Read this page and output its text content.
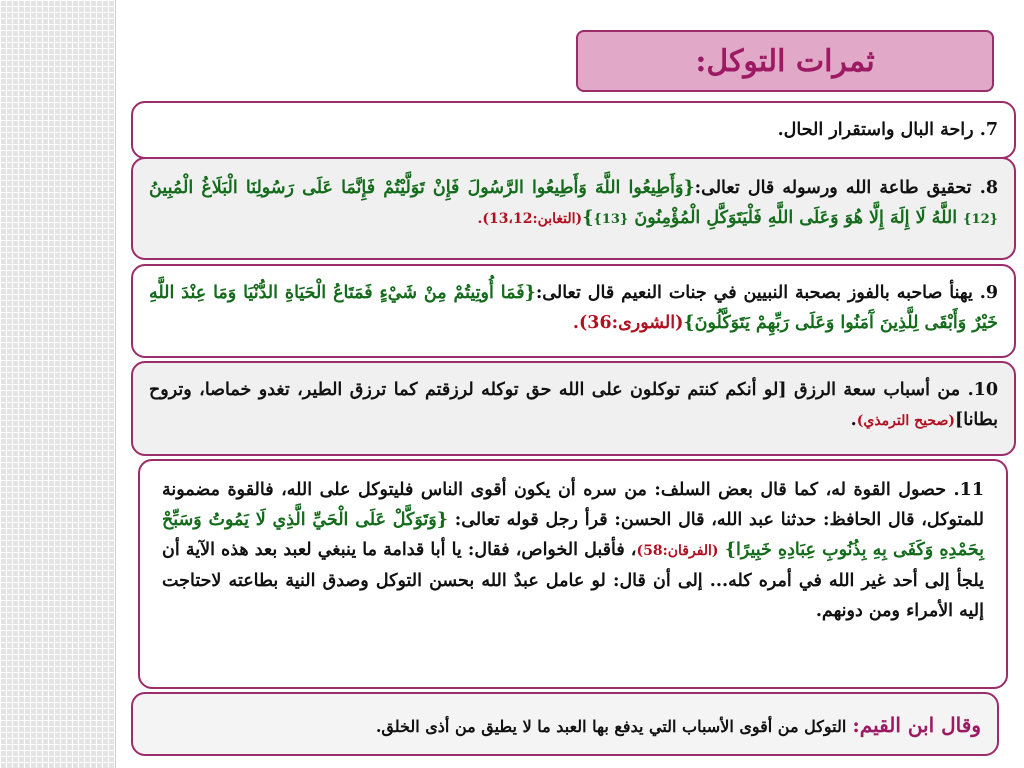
ثمرات التوكل:
7. راحة البال واستقرار الحال.
8. تحقيق طاعة الله ورسوله قال تعالى:{وَأَطِيعُوا اللَّهَ وَأَطِيعُوا الرَّسُولَ فَإِنْ تَوَلَّيْتُمْ فَإِنَّمَا عَلَى رَسُولِنَا الْبَلَاغُ الْمُبِينُ {12} اللَّهُ لَا إِلَهَ إِلَّا هُوَ وَعَلَى اللَّهِ فَلْيَتَوَكَّلِ الْمُؤْمِنُونَ {13}}(التغابن:13،12).
9. يهنأ صاحبه بالفوز بصحبة النبيين في جنات النعيم قال تعالى:{فَمَا أُوتِيتُمْ مِنْ شَيْءٍ فَمَتَاعُ الْحَيَاةِ الدُّنْيَا وَمَا عِنْدَ اللَّهِ خَيْرٌ وَأَبْقَى لِلَّذِينَ آَمَنُوا وَعَلَى رَبِّهِمْ يَتَوَكَّلُونَ}(الشورى:36).
10. من أسباب سعة الرزق [لو أنكم كنتم توكلون على الله حق توكله لرزقتم كما ترزق الطير، تغدو خماصا، وتروح بطانا](صحيح الترمذي).
11. حصول القوة له، كما قال بعض السلف: من سره أن يكون أقوى الناس فليتوكل على الله، فالقوة مضمونة للمتوكل، قال الحافظ: حدثنا عبد الله، قال الحسن: قرأ رجل قوله تعالى: {وَتَوَكَّلْ عَلَى الْحَيِّ الَّذِي لَا يَمُوتُ وَسَبِّحْ بِحَمْدِهِ وَكَفَى بِهِ بِذُنُوبِ عِبَادِهِ خَبِيرًا} (الفرقان:58)، فأقبل الخواص، فقال: يا أبا قدامة ما ينبغي لعبد بعد هذه الآية أن يلجأ إلى أحد غير الله في أمره كله... إلى أن قال: لو عامل عبدٌ الله بحسن التوكل وصدق النية بطاعته لاحتاجت إليه الأمراء ومن دونهم.
وقال ابن القيم: التوكل من أقوى الأسباب التي يدفع بها العبد ما لا يطيق من أذى الخلق.
